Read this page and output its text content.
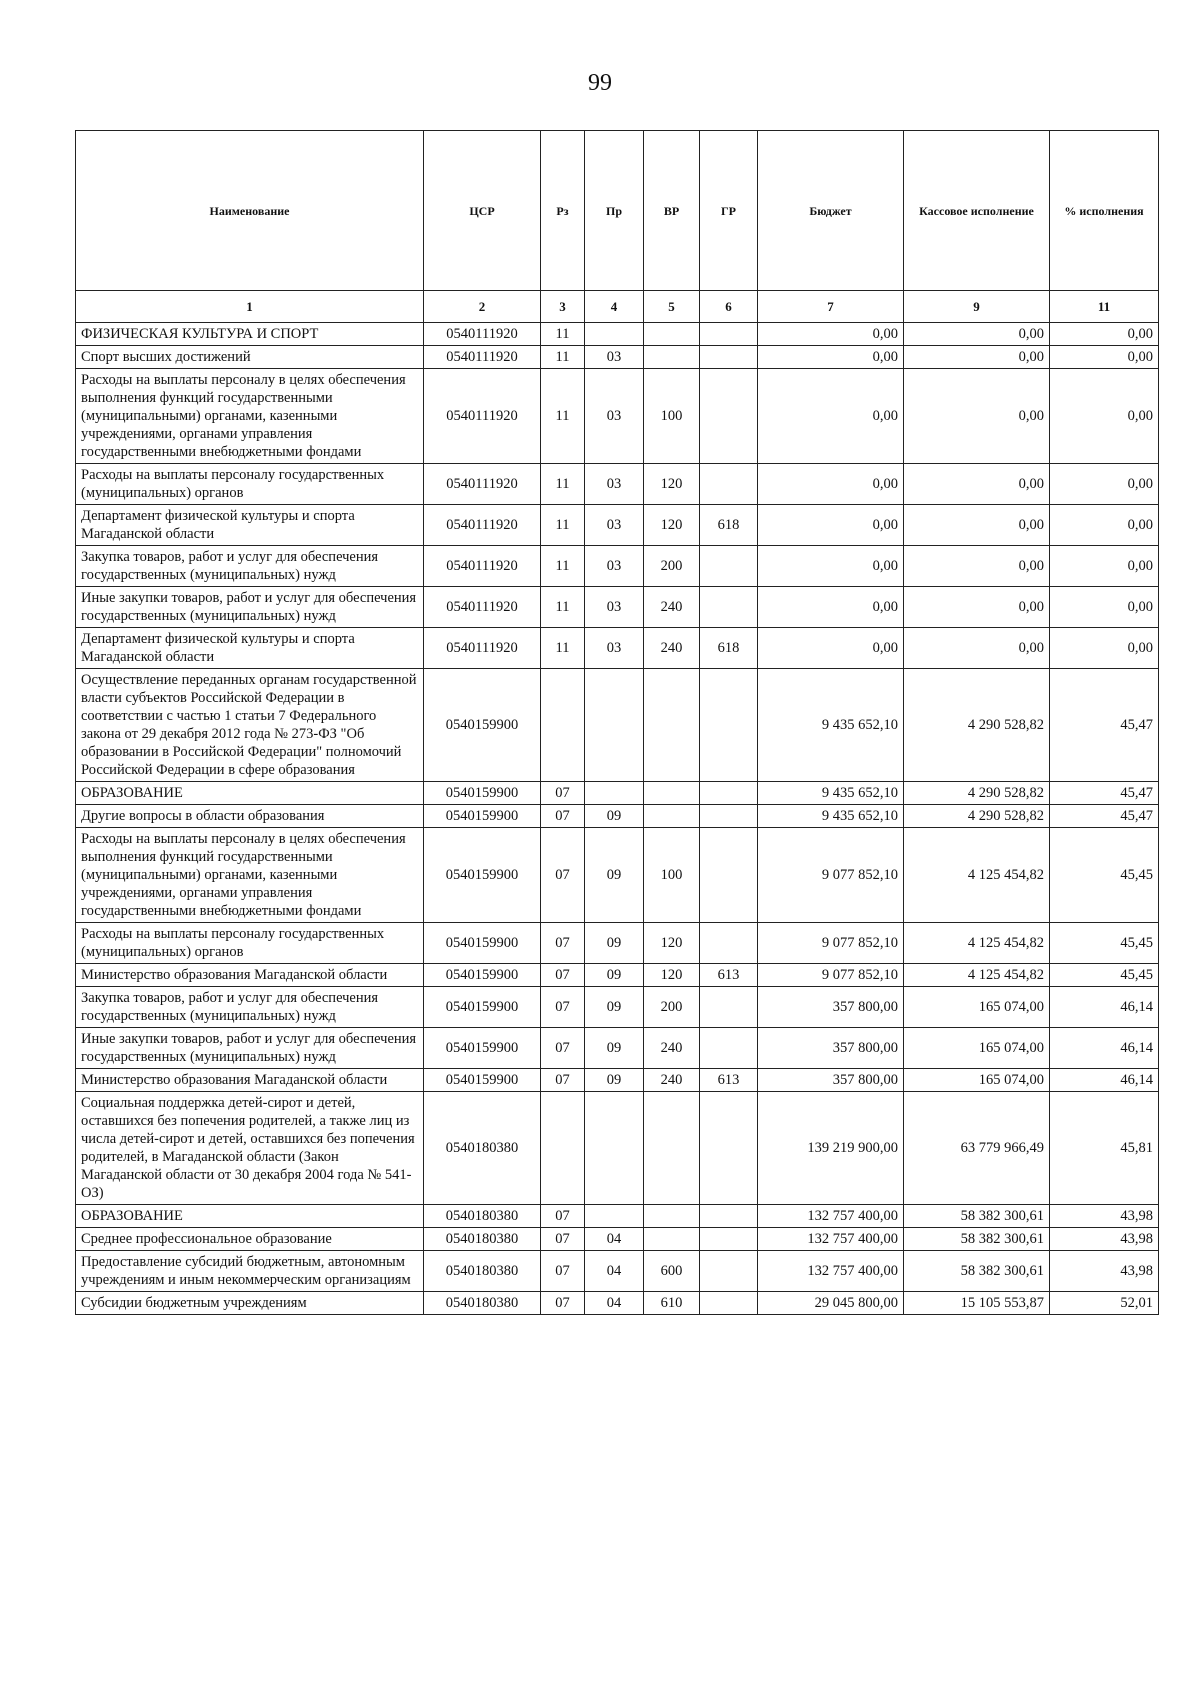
99
Наименование	ЦСР	Рз	Пр	ВР	ГР	Бюджет	Кассовое исполнение	% исполнения
1	2	3	4	5	6	7	9	11
ФИЗИЧЕСКАЯ КУЛЬТУРА И СПОРТ	0540111920	11				0,00	0,00	0,00
Спорт высших достижений	0540111920	11	03			0,00	0,00	0,00
Расходы на выплаты персоналу в целях обеспечения выполнения функций государственными (муниципальными) органами, казенными учреждениями, органами управления государственными внебюджетными фондами	0540111920	11	03	100		0,00	0,00	0,00
Расходы на выплаты персоналу государственных (муниципальных) органов	0540111920	11	03	120		0,00	0,00	0,00
Департамент физической культуры и спорта Магаданской области	0540111920	11	03	120	618	0,00	0,00	0,00
Закупка товаров, работ и услуг для обеспечения государственных (муниципальных) нужд	0540111920	11	03	200		0,00	0,00	0,00
Иные закупки товаров, работ и услуг для обеспечения государственных (муниципальных) нужд	0540111920	11	03	240		0,00	0,00	0,00
Департамент физической культуры и спорта Магаданской области	0540111920	11	03	240	618	0,00	0,00	0,00
Осуществление переданных органам государственной власти субъектов Российской Федерации в соответствии с частью 1 статьи 7 Федерального закона от 29 декабря 2012 года № 273-ФЗ "Об образовании в Российской Федерации" полномочий Российской Федерации в сфере образования	0540159900					9 435 652,10	4 290 528,82	45,47
ОБРАЗОВАНИЕ	0540159900	07				9 435 652,10	4 290 528,82	45,47
Другие вопросы в области образования	0540159900	07	09			9 435 652,10	4 290 528,82	45,47
Расходы на выплаты персоналу в целях обеспечения выполнения функций государственными (муниципальными) органами, казенными учреждениями, органами управления государственными внебюджетными фондами	0540159900	07	09	100		9 077 852,10	4 125 454,82	45,45
Расходы на выплаты персоналу государственных (муниципальных) органов	0540159900	07	09	120		9 077 852,10	4 125 454,82	45,45
Министерство образования Магаданской области	0540159900	07	09	120	613	9 077 852,10	4 125 454,82	45,45
Закупка товаров, работ и услуг для обеспечения государственных (муниципальных) нужд	0540159900	07	09	200		357 800,00	165 074,00	46,14
Иные закупки товаров, работ и услуг для обеспечения государственных (муниципальных) нужд	0540159900	07	09	240		357 800,00	165 074,00	46,14
Министерство образования Магаданской области	0540159900	07	09	240	613	357 800,00	165 074,00	46,14
Социальная поддержка детей-сирот и детей, оставшихся без попечения родителей, а также лиц из числа детей-сирот и детей, оставшихся без попечения родителей, в Магаданской области (Закон Магаданской области от 30 декабря 2004 года № 541-ОЗ)	0540180380					139 219 900,00	63 779 966,49	45,81
ОБРАЗОВАНИЕ	0540180380	07				132 757 400,00	58 382 300,61	43,98
Среднее профессиональное образование	0540180380	07	04			132 757 400,00	58 382 300,61	43,98
Предоставление субсидий бюджетным, автономным учреждениям и иным некоммерческим организациям	0540180380	07	04	600		132 757 400,00	58 382 300,61	43,98
Субсидии бюджетным учреждениям	0540180380	07	04	610		29 045 800,00	15 105 553,87	52,01
